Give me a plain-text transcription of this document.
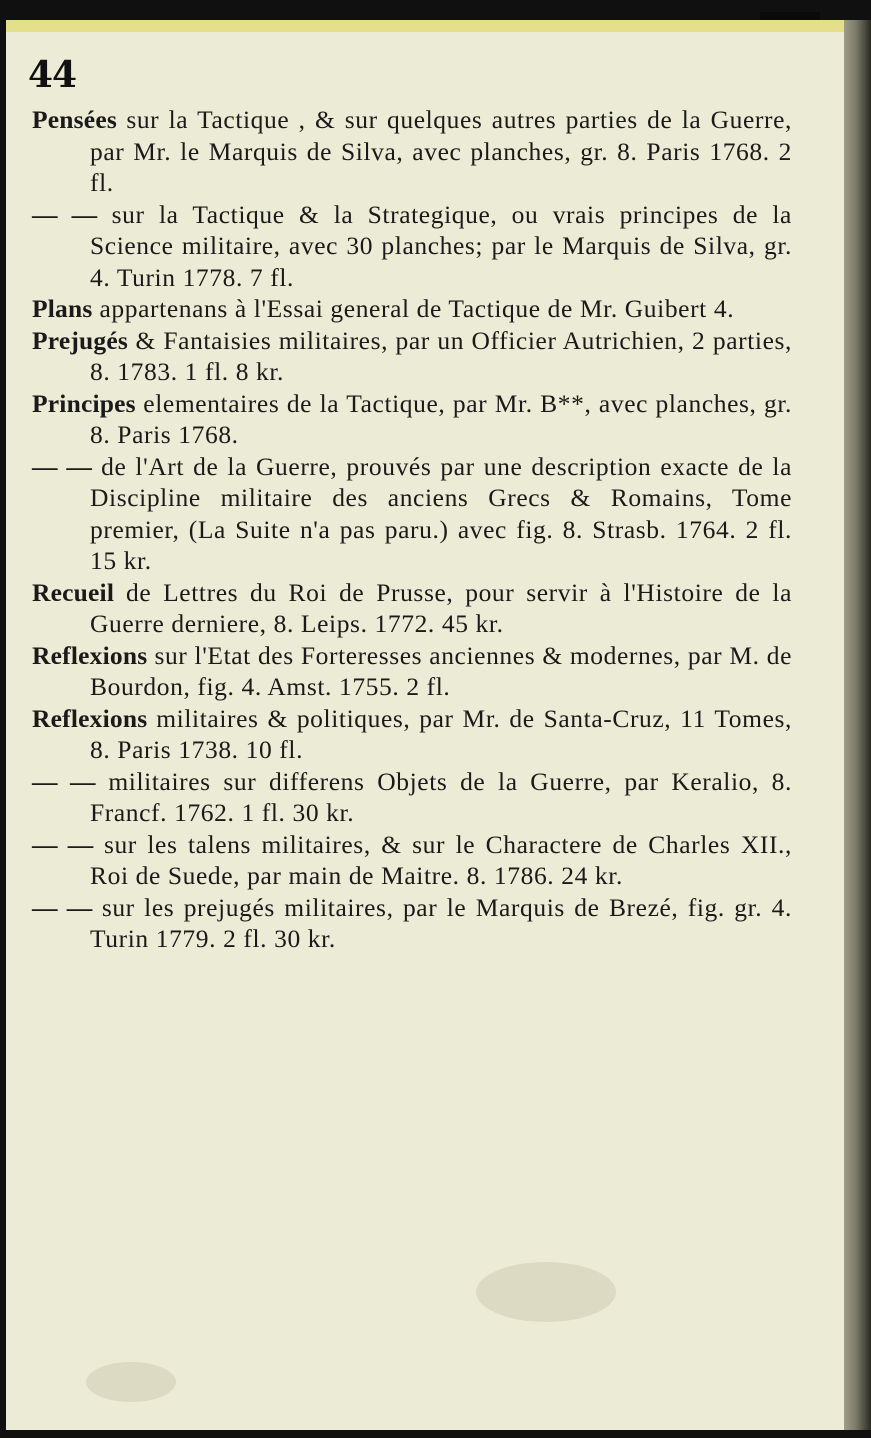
44

Pensées sur la Tactique , & sur quelques autres parties de la Guerre, par Mr. le Marquis de Silva, avec planches, gr. 8. Paris 1768. 2 fl.

— — sur la Tactique & la Strategique, ou vrais principes de la Science militaire, avec 30 planches; par le Marquis de Silva, gr. 4. Turin 1778. 7 fl.

Plans appartenans à l'Essai general de Tactique de Mr. Guibert 4.

Prejugés & Fantaisies militaires, par un Officier Autrichien, 2 parties, 8. 1783. 1 fl. 8 kr.

Principes elementaires de la Tactique, par Mr. B**, avec planches, gr. 8. Paris 1768.

— — de l'Art de la Guerre, prouvés par une description exacte de la Discipline militaire des anciens Grecs & Romains, Tome premier, (La Suite n'a pas paru.) avec fig. 8. Strasb. 1764. 2 fl. 15 kr.

Recueil de Lettres du Roi de Prusse, pour servir à l'Histoire de la Guerre derniere, 8. Leips. 1772. 45 kr.

Reflexions sur l'Etat des Forteresses anciennes & modernes, par M. de Bourdon, fig. 4. Amst. 1755. 2 fl.

Reflexions militaires & politiques, par Mr. de Santa-Cruz, 11 Tomes, 8. Paris 1738. 10 fl.

— — militaires sur differens Objets de la Guerre, par Keralio, 8. Francf. 1762. 1 fl. 30 kr.

— — sur les talens militaires, & sur le Charactere de Charles XII., Roi de Suede, par main de Maitre. 8. 1786. 24 kr.

— — sur les prejugés militaires, par le Marquis de Brezé, fig. gr. 4. Turin 1779. 2 fl. 30 kr.
